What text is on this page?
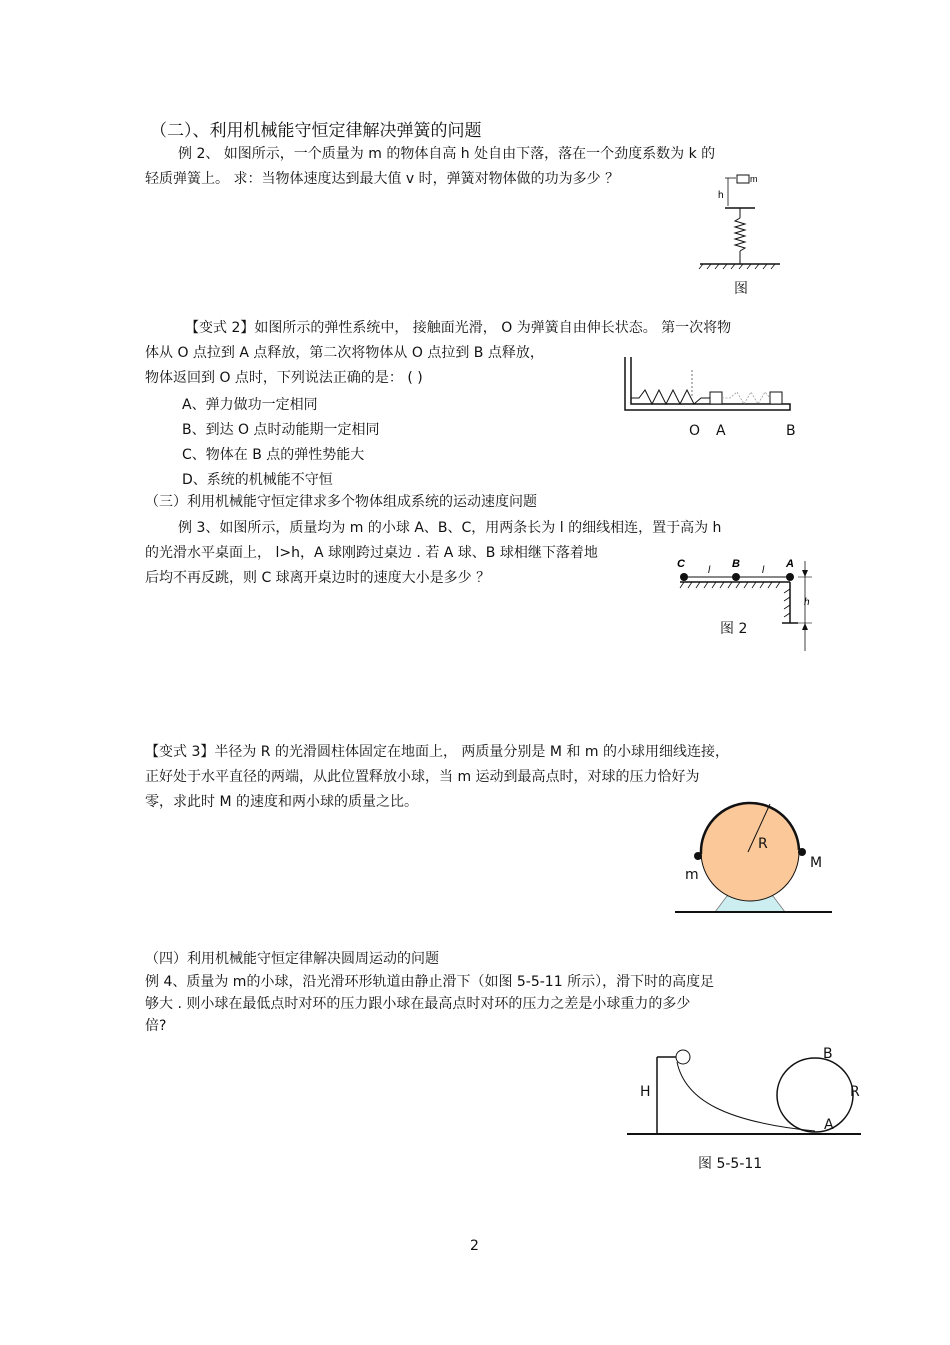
（二）、利用机械能守恒定律解决弹簧的问题
例 2、 如图所示，一个质量为 m 的物体自高 h 处自由下落，落在一个劲度系数为 k 的
轻质弹簧上。 求：当物体速度达到最大值 v 时，弹簧对物体做的功为多少 ？	m
h
图
【变式 2】如图所示的弹性系统中， 接触面光滑， O 为弹簧自由伸长状态。 第一次将物
体从 O 点拉到 A 点释放，第二次将物体从 O 点拉到 B 点释放，
物体返回到 O 点时，下列说法正确的是： ( )
A、弹力做功一定相同
B、到达 O 点时动能期一定相同
C、物体在 B 点的弹性势能大
D、系统的机械能不守恒
O A	B
（三）利用机械能守恒定律求多个物体组成系统的运动速度问题
例 3、如图所示，质量均为 m 的小球 A、B、C，用两条长为 l 的细线相连，置于高为 h
的光滑水平桌面上， l>h，A 球刚跨过桌边 . 若 A 球、B 球相继下落着地
后均不再反跳，则 C 球离开桌边时的速度大小是多少 ？
C	B	A
l	l
h
图 2
【变式 3】半径为 R 的光滑圆柱体固定在地面上， 两质量分别是 M 和 m 的小球用细线连接，
正好处于水平直径的两端，从此位置释放小球，当 m 运动到最高点时，对球的压力恰好为
零，求此时 M 的速度和两小球的质量之比。
R
M
m
（四）利用机械能守恒定律解决圆周运动的问题
例 4、质量为 m的小球，沿光滑环形轨道由静止滑下（如图 5-5-11 所示），滑下时的高度足
够大 . 则小球在最低点时对环的压力跟小球在最高点时对环的压力之差是小球重力的多少
倍?
B
H	R
A
图 5-5-11
2
